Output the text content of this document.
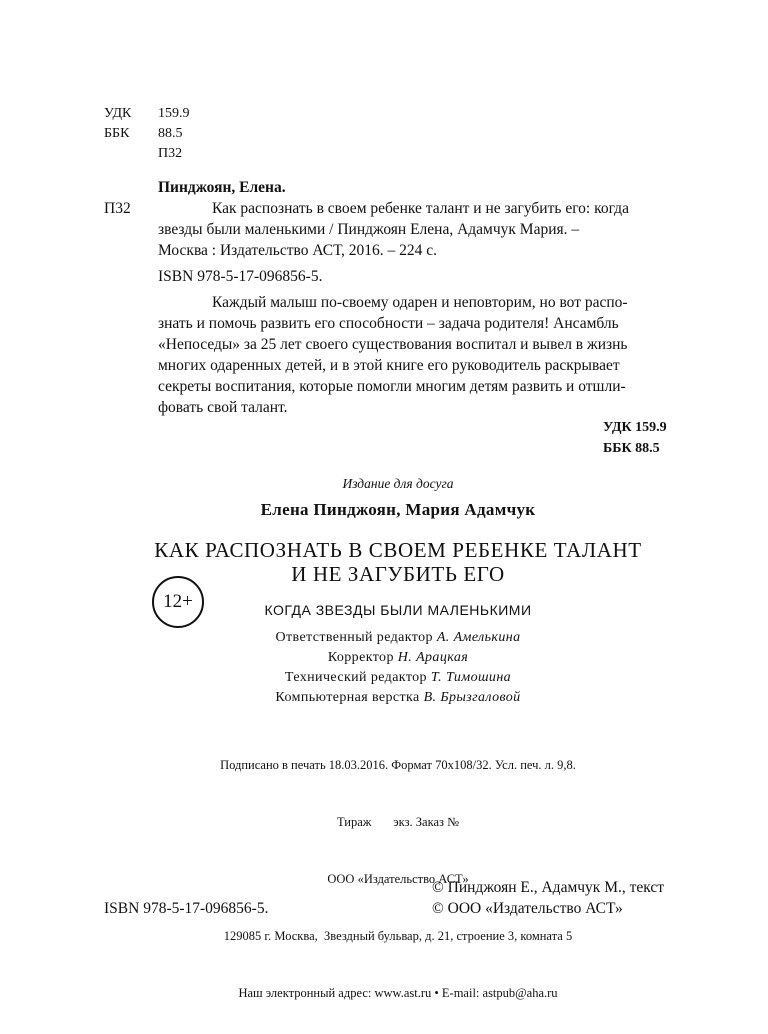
УДК 159.9
ББК 88.5
П32
Пинджоян, Елена.
П32	Как распознать в своем ребенке талант и не загубить его: когда
звезды были маленькими / Пинджоян Елена, Адамчук Мария. –
Москва : Издательство АСТ, 2016. – 224 с.
ISBN 978-5-17-096856-5.
Каждый малыш по-своему одарен и неповторим, но вот распо-
знать и помочь развить его способности – задача родителя! Ансамбль
«Непоседы» за 25 лет своего существования воспитал и вывел в жизнь
многих одаренных детей, и в этой книге его руководитель раскрывает
секреты воспитания, которые помогли многим детям развить и отшли-
фовать свой талант.
УДК 159.9
ББК 88.5
Издание для досуга
Елена Пинджоян, Мария Адамчук
КАК РАСПОЗНАТЬ В СВОЕМ РЕБЕНКЕ ТАЛАНТ
И НЕ ЗАГУБИТЬ ЕГО
12+	КОГДА ЗВЕЗДЫ БЫЛИ МАЛЕНЬКИМИ
Ответственный редактор А. Амелькина
Корректор Н. Арацкая
Технический редактор Т. Тимошина
Компьютерная верстка В. Брызгаловой

Подписано в печать 18.03.2016. Формат 70х108/32. Усл. печ. л. 9,8.

Тираж       экз. Заказ №

ООО «Издательство АСТ»

129085 г. Москва,  Звездный бульвар, д. 21, строение 3, комната 5

Наш электронный адрес: www.ast.ru • E-mail: astpub@aha.ru

ISBN 978-5-17-096856-5.
© Пинджоян Е., Адамчук М., текст
© ООО «Издательство АСТ»
